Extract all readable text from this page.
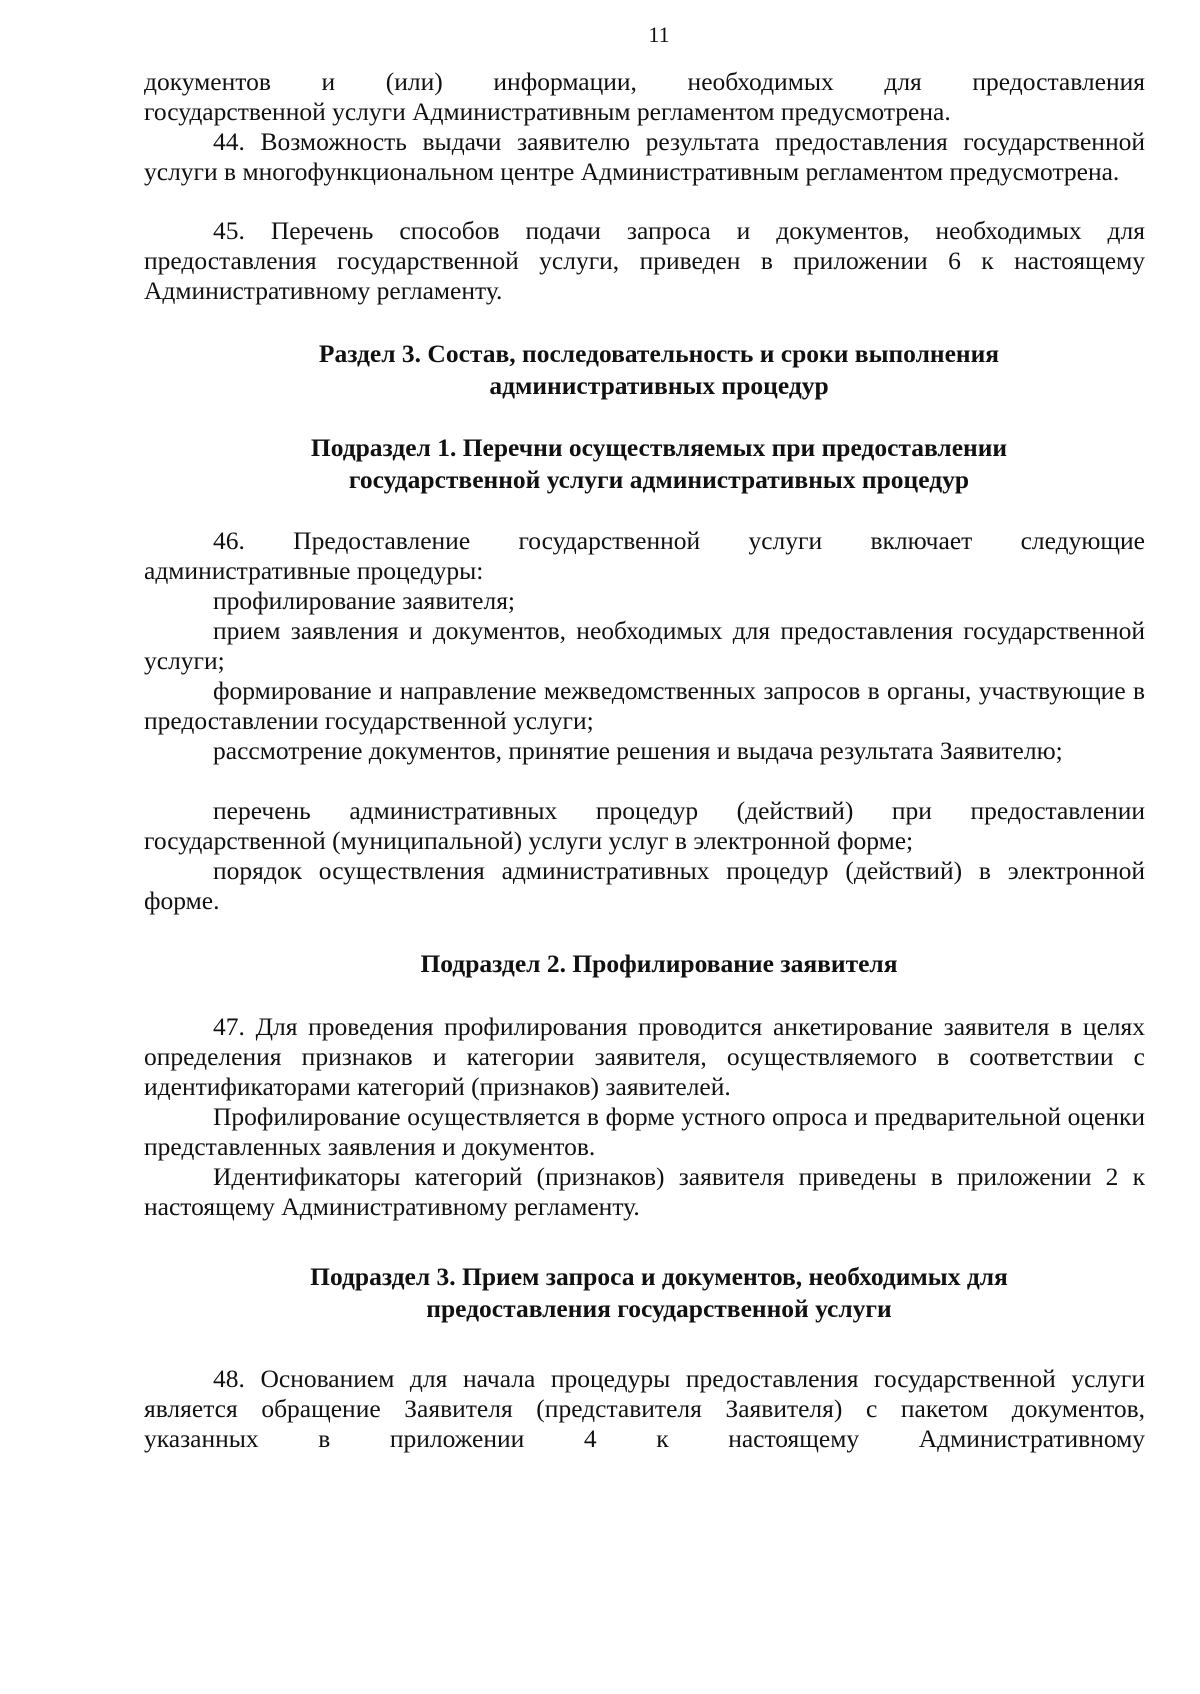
11
документов и (или) информации, необходимых для предоставления
государственной услуги Административным регламентом предусмотрена.
44. Возможность выдачи заявителю результата предоставления государственной услуги в многофункциональном центре Административным регламентом предусмотрена.
45. Перечень способов подачи запроса и документов, необходимых для предоставления государственной услуги, приведен в приложении 6 к настоящему Административному регламенту.
Раздел 3. Состав, последовательность и сроки выполнения
административных процедур
Подраздел 1. Перечни осуществляемых при предоставлении
государственной услуги административных процедур
46. Предоставление государственной услуги включает следующие административные процедуры:
профилирование заявителя;
прием заявления и документов, необходимых для предоставления государственной услуги;
формирование и направление межведомственных запросов в органы, участвующие в предоставлении государственной услуги;
рассмотрение документов, принятие решения и выдача результата Заявителю;
перечень административных процедур (действий) при предоставлении государственной (муниципальной) услуги услуг в электронной форме;
порядок осуществления административных процедур (действий) в электронной форме.
Подраздел 2. Профилирование заявителя
47. Для проведения профилирования проводится анкетирование заявителя в целях определения признаков и категории заявителя, осуществляемого в соответствии с идентификаторами категорий (признаков) заявителей.
Профилирование осуществляется в форме устного опроса и предварительной оценки представленных заявления и документов.
Идентификаторы категорий (признаков) заявителя приведены в приложении 2 к настоящему Административному регламенту.
Подраздел 3. Прием запроса и документов, необходимых для
предоставления государственной услуги
48. Основанием для начала процедуры предоставления государственной услуги является обращение Заявителя (представителя Заявителя) с пакетом документов, указанных в приложении 4 к настоящему Административному
